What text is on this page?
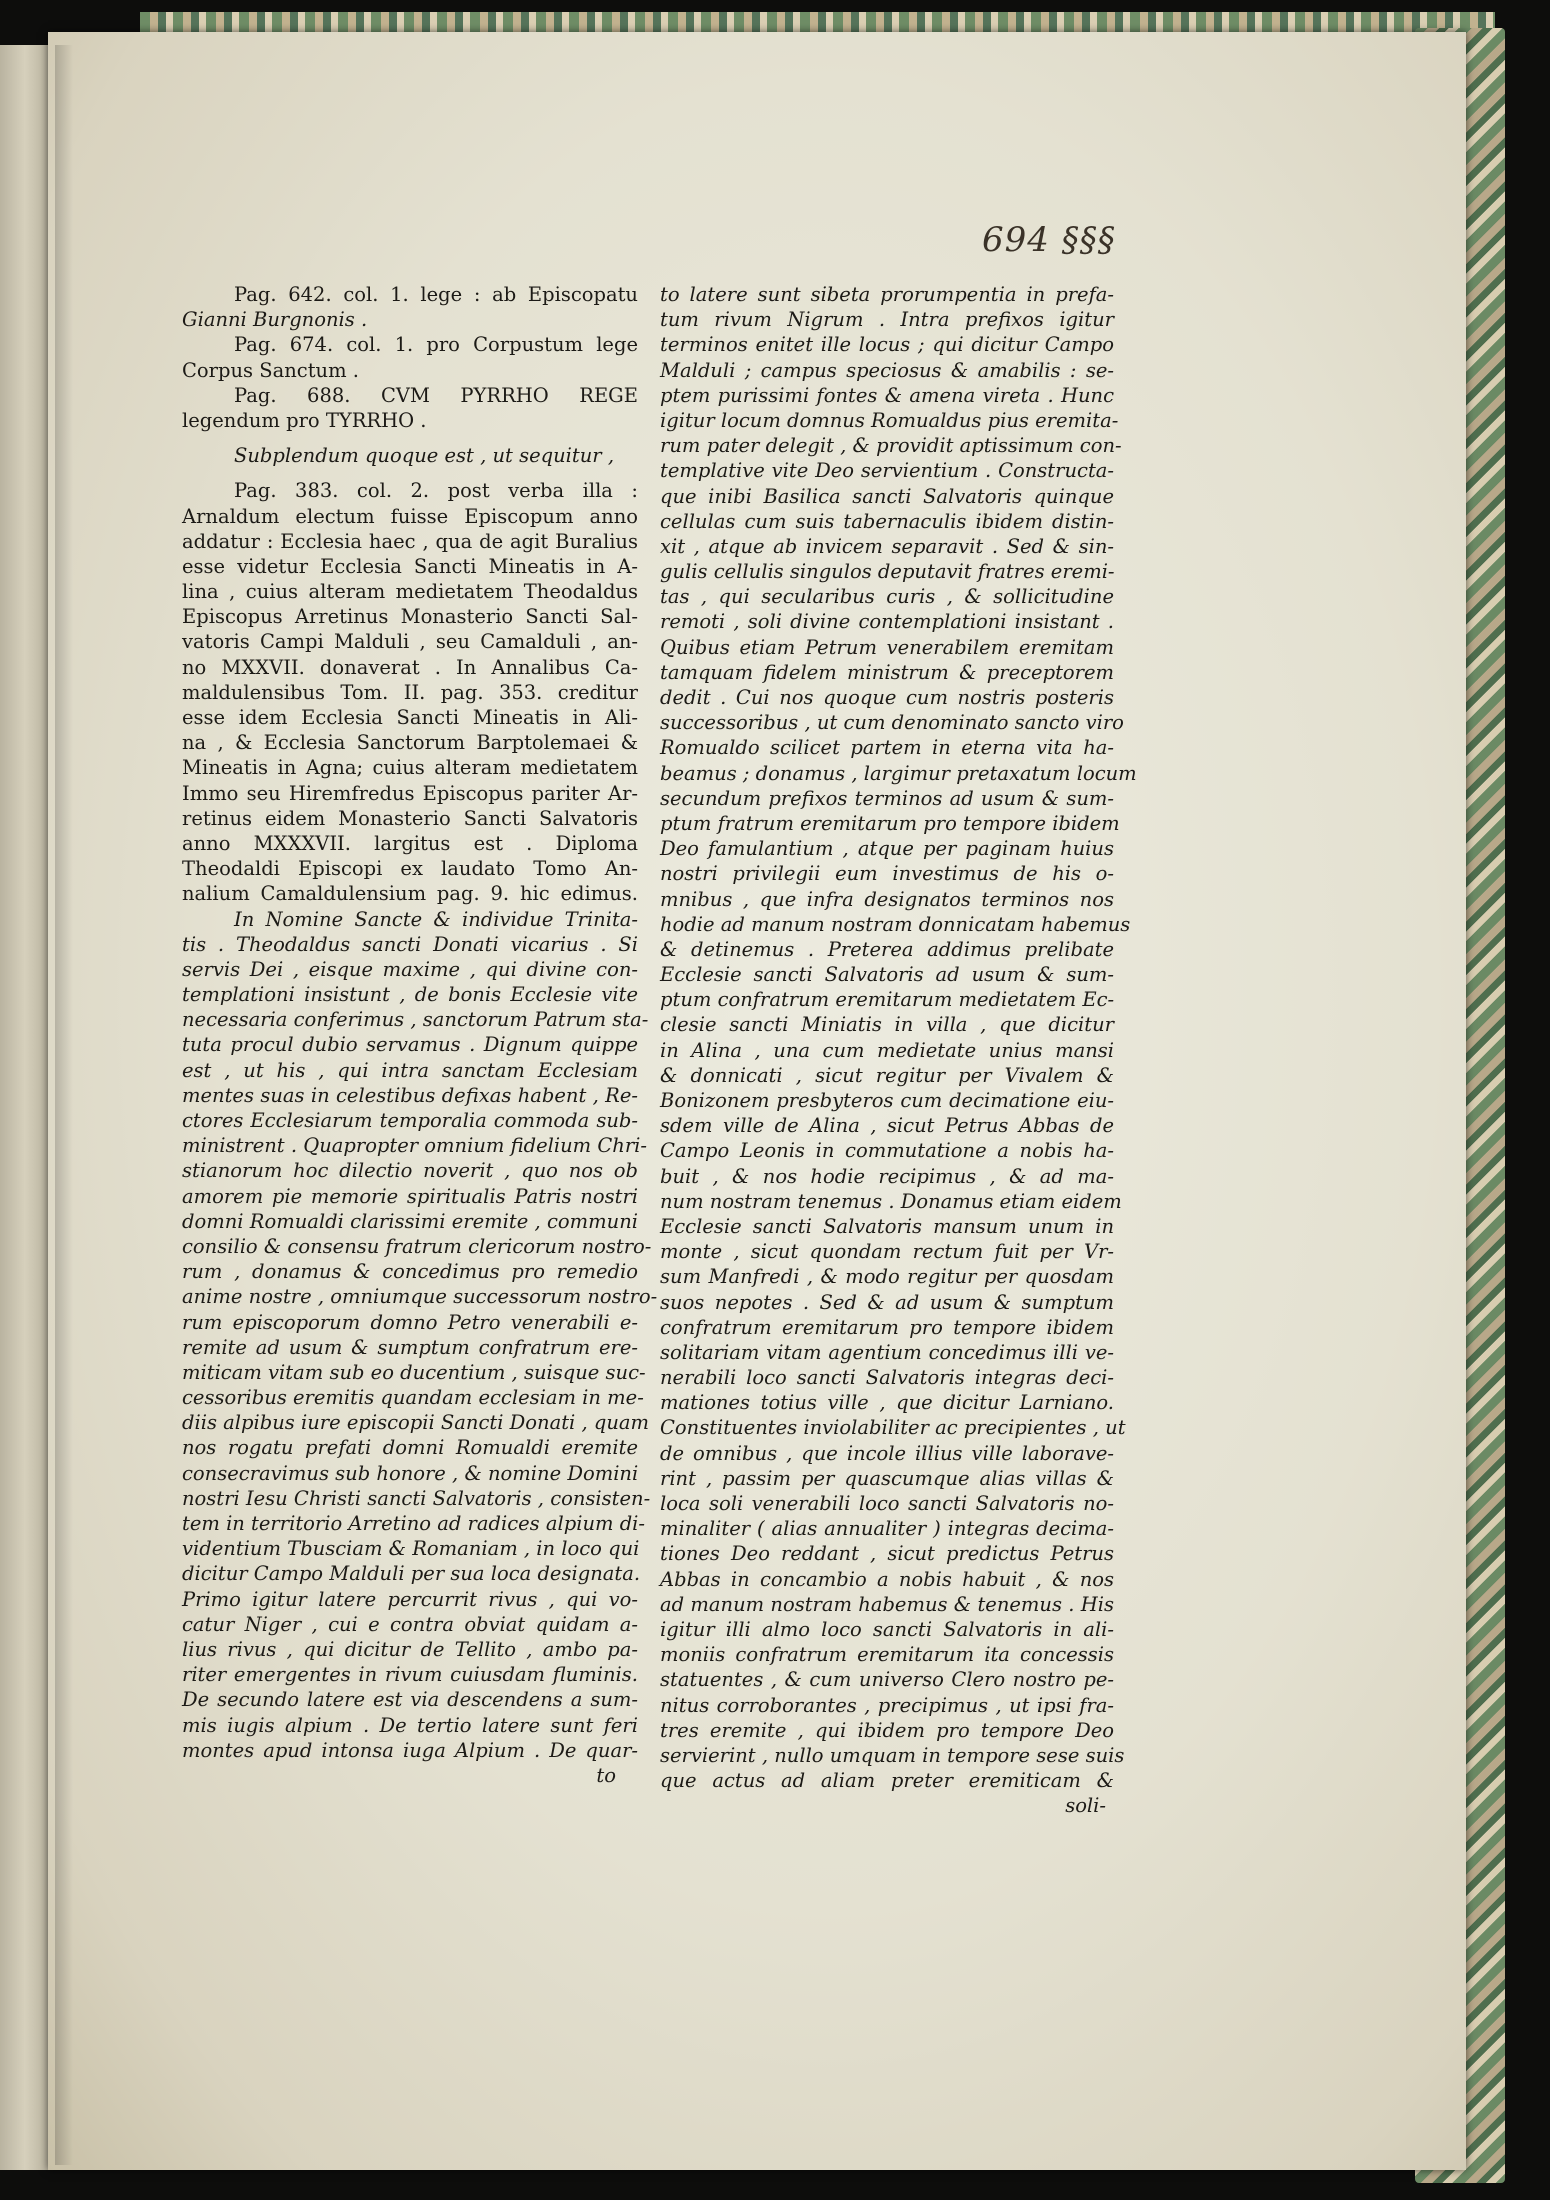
694 §§§
Pag. 642. col. 1. lege : ab Episcopatu
Gianni Burgnonis .
Pag. 674. col. 1. pro Corpustum lege
Corpus Sanctum .
Pag. 688. CVM PYRRHO REGE
legendum pro TYRRHO .
Subplendum quoque est , ut sequitur ,
Pag. 383. col. 2. post verba illa :
Arnaldum electum fuisse Episcopum anno
addatur : Ecclesia haec , qua de agit Buralius
esse videtur Ecclesia Sancti Mineatis in A-
lina , cuius alteram medietatem Theodaldus
Episcopus Arretinus Monasterio Sancti Sal-
vatoris Campi Malduli , seu Camalduli , an-
no MXXVII. donaverat . In Annalibus Ca-
maldulensibus Tom. II. pag. 353. creditur
esse idem Ecclesia Sancti Mineatis in Ali-
na , & Ecclesia Sanctorum Barptolemaei &
Mineatis in Agna; cuius alteram medietatem
Immo seu Hiremfredus Episcopus pariter Ar-
retinus eidem Monasterio Sancti Salvatoris
anno MXXXVII. largitus est . Diploma
Theodaldi Episcopi ex laudato Tomo An-
nalium Camaldulensium pag. 9. hic edimus.
In Nomine Sancte & individue Trinita-
tis . Theodaldus sancti Donati vicarius . Si
servis Dei , eisque maxime , qui divine con-
templationi insistunt , de bonis Ecclesie vite
necessaria conferimus , sanctorum Patrum sta-
tuta procul dubio servamus . Dignum quippe
est , ut his , qui intra sanctam Ecclesiam
mentes suas in celestibus defixas habent , Re-
ctores Ecclesiarum temporalia commoda sub-
ministrent . Quapropter omnium fidelium Chri-
stianorum hoc dilectio noverit , quo nos ob
amorem pie memorie spiritualis Patris nostri
domni Romualdi clarissimi eremite , communi
consilio & consensu fratrum clericorum nostro-
rum , donamus & concedimus pro remedio
anime nostre , omniumque successorum nostro-
rum episcoporum domno Petro venerabili e-
remite ad usum & sumptum confratrum ere-
miticam vitam sub eo ducentium , suisque suc-
cessoribus eremitis quandam ecclesiam in me-
diis alpibus iure episcopii Sancti Donati , quam
nos rogatu prefati domni Romualdi eremite
consecravimus sub honore , & nomine Domini
nostri Iesu Christi sancti Salvatoris , consisten-
tem in territorio Arretino ad radices alpium di-
videntium Tbusciam & Romaniam , in loco qui
dicitur Campo Malduli per sua loca designata.
Primo igitur latere percurrit rivus , qui vo-
catur Niger , cui e contra obviat quidam a-
lius rivus , qui dicitur de Tellito , ambo pa-
riter emergentes in rivum cuiusdam fluminis.
De secundo latere est via descendens a sum-
mis iugis alpium . De tertio latere sunt feri
montes apud intonsa iuga Alpium . De quar-
to
to latere sunt sibeta prorumpentia in prefa-
tum rivum Nigrum . Intra prefixos igitur
terminos enitet ille locus ; qui dicitur Campo
Malduli ; campus speciosus & amabilis : se-
ptem purissimi fontes & amena vireta . Hunc
igitur locum domnus Romualdus pius eremita-
rum pater delegit , & providit aptissimum con-
templative vite Deo servientium . Constructa-
que inibi Basilica sancti Salvatoris quinque
cellulas cum suis tabernaculis ibidem distin-
xit , atque ab invicem separavit . Sed & sin-
gulis cellulis singulos deputavit fratres eremi-
tas , qui secularibus curis , & sollicitudine
remoti , soli divine contemplationi insistant .
Quibus etiam Petrum venerabilem eremitam
tamquam fidelem ministrum & preceptorem
dedit . Cui nos quoque cum nostris posteris
successoribus , ut cum denominato sancto viro
Romualdo scilicet partem in eterna vita ha-
beamus ; donamus , largimur pretaxatum locum
secundum prefixos terminos ad usum & sum-
ptum fratrum eremitarum pro tempore ibidem
Deo famulantium , atque per paginam huius
nostri privilegii eum investimus de his o-
mnibus , que infra designatos terminos nos
hodie ad manum nostram donnicatam habemus
& detinemus . Preterea addimus prelibate
Ecclesie sancti Salvatoris ad usum & sum-
ptum confratrum eremitarum medietatem Ec-
clesie sancti Miniatis in villa , que dicitur
in Alina , una cum medietate unius mansi
& donnicati , sicut regitur per Vivalem &
Bonizonem presbyteros cum decimatione eiu-
sdem ville de Alina , sicut Petrus Abbas de
Campo Leonis in commutatione a nobis ha-
buit , & nos hodie recipimus , & ad ma-
num nostram tenemus . Donamus etiam eidem
Ecclesie sancti Salvatoris mansum unum in
monte , sicut quondam rectum fuit per Vr-
sum Manfredi , & modo regitur per quosdam
suos nepotes . Sed & ad usum & sumptum
confratrum eremitarum pro tempore ibidem
solitariam vitam agentium concedimus illi ve-
nerabili loco sancti Salvatoris integras deci-
mationes totius ville , que dicitur Larniano.
Constituentes inviolabiliter ac precipientes , ut
de omnibus , que incole illius ville laborave-
rint , passim per quascumque alias villas &
loca soli venerabili loco sancti Salvatoris no-
minaliter ( alias annualiter ) integras decima-
tiones Deo reddant , sicut predictus Petrus
Abbas in concambio a nobis habuit , & nos
ad manum nostram habemus & tenemus . His
igitur illi almo loco sancti Salvatoris in ali-
moniis confratrum eremitarum ita concessis
statuentes , & cum universo Clero nostro pe-
nitus corroborantes , precipimus , ut ipsi fra-
tres eremite , qui ibidem pro tempore Deo
servierint , nullo umquam in tempore sese suis
que actus ad aliam preter eremiticam &
soli-
